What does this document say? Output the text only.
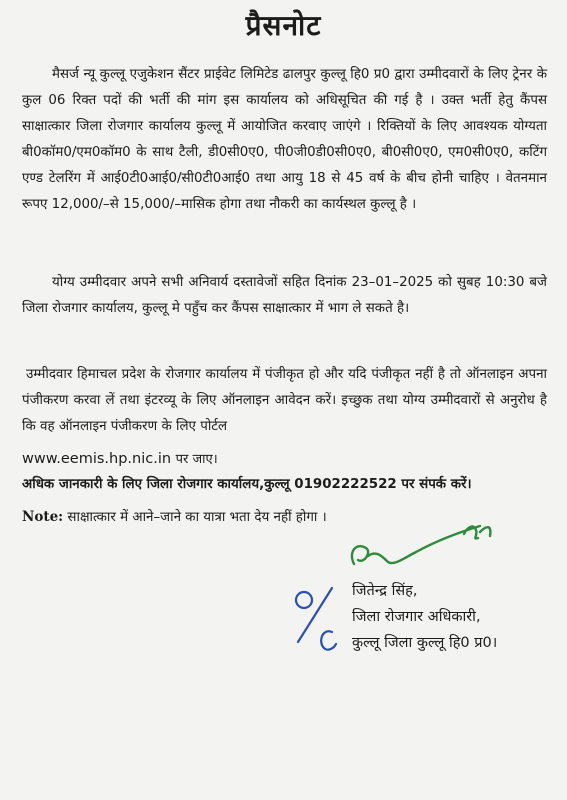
प्रैसनोट
मैसर्ज न्यू कुल्लू एजुकेशन सैंटर प्राईवेट लिमिटेड ढालपुर कुल्लू हि0 प्र0 द्वारा उम्मीदवारों के लिए ट्रेनर के कुल 06 रिक्त पदों की भर्ती की मांग इस कार्यालय को अधिसूचित की गई है । उक्त भर्ती हेतु कैंपस साक्षात्कार जिला रोजगार कार्यालय कुल्लू में आयोजित करवाए जाएंगे । रिक्तियों के लिए आवश्यक योग्यता बी0कॉम0/एम0कॉम0 के साथ टैली, डी0सी0ए0, पी0जी0डी0सी0ए0, बी0सी0ए0, एम0सी0ए0, कटिंग एण्ड टेलरिंग में आई0टी0आई0/सी0टी0आई0 तथा आयु 18 से 45 वर्ष के बीच होनी चाहिए । वेतनमान रूपए 12,000/–से 15,000/–मासिक होगा तथा नौकरी का कार्यस्थल कुल्लू है ।
योग्य उम्मीदवार अपने सभी अनिवार्य दस्तावेजों सहित दिनांक 23–01–2025 को सुबह 10:30 बजे जिला रोजगार कार्यालय, कुल्लू मे पहुँच कर कैंपस साक्षात्कार में भाग ले सकते है।
उम्मीदवार हिमाचल प्रदेश के रोजगार कार्यालय में पंजीकृत हो और यदि पंजीकृत नहीं है तो ऑनलाइन अपना पंजीकरण करवा लें तथा इंटरव्यू के लिए ऑनलाइन आवेदन करें। इच्छुक तथा योग्य उम्मीदवारों से अनुरोध है कि वह ऑनलाइन पंजीकरण के लिए पोर्टल
www.eemis.hp.nic.in पर जाए।
अधिक जानकारी के लिए जिला रोजगार कार्यालय,कुल्लू 01902222522 पर संपर्क करें।
Note: साक्षात्कार में आने–जाने का यात्रा भता देय नहीं होगा ।
जितेन्द्र सिंह,
जिला रोजगार अधिकारी,
कुल्लू जिला कुल्लू हि0 प्र0।
